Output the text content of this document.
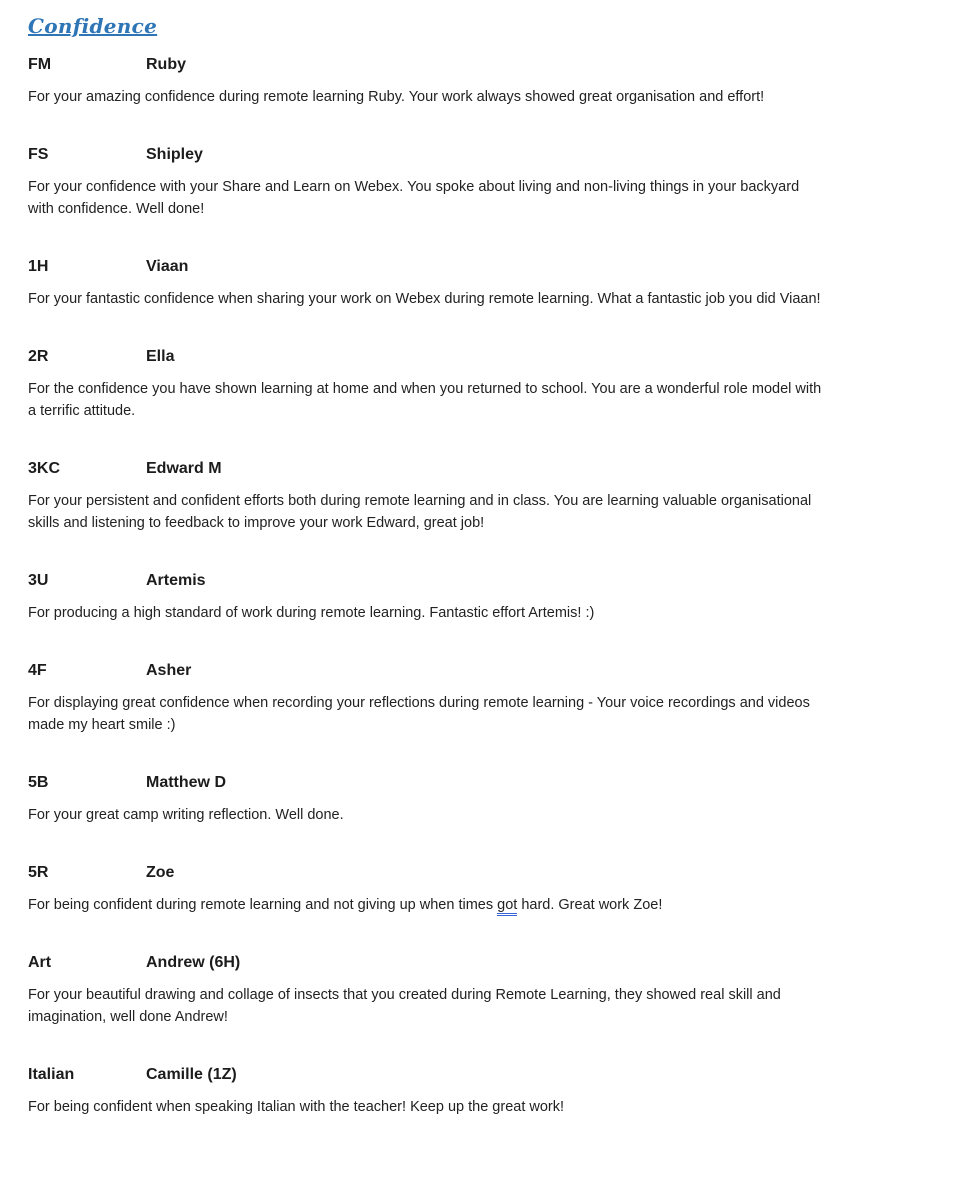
Confidence
FM	Ruby

For your amazing confidence during remote learning Ruby. Your work always showed great organisation and effort!

FS	Shipley

For your confidence with your Share and Learn on Webex. You spoke about living and non-living things in your backyard with confidence. Well done!

1H	Viaan

For your fantastic confidence when sharing your work on Webex during remote learning. What a fantastic job you did Viaan!

2R	Ella

For the confidence you have shown learning at home and when you returned to school. You are a wonderful role model with a terrific attitude.

3KC	Edward M

For your persistent and confident efforts both during remote learning and in class. You are learning valuable organisational skills and listening to feedback to improve your work Edward, great job!

3U	Artemis

For producing a high standard of work during remote learning. Fantastic effort Artemis! :)

4F	Asher

For displaying great confidence when recording your reflections during remote learning - Your voice recordings and videos made my heart smile :)

5B	Matthew D

For your great camp writing reflection. Well done.

5R	Zoe

For being confident during remote learning and not giving up when times got hard. Great work Zoe!

Art	Andrew (6H)

For your beautiful drawing and collage of insects that you created during Remote Learning, they showed real skill and imagination, well done Andrew!

Italian	Camille (1Z)

For being confident when speaking Italian with the teacher! Keep up the great work!
